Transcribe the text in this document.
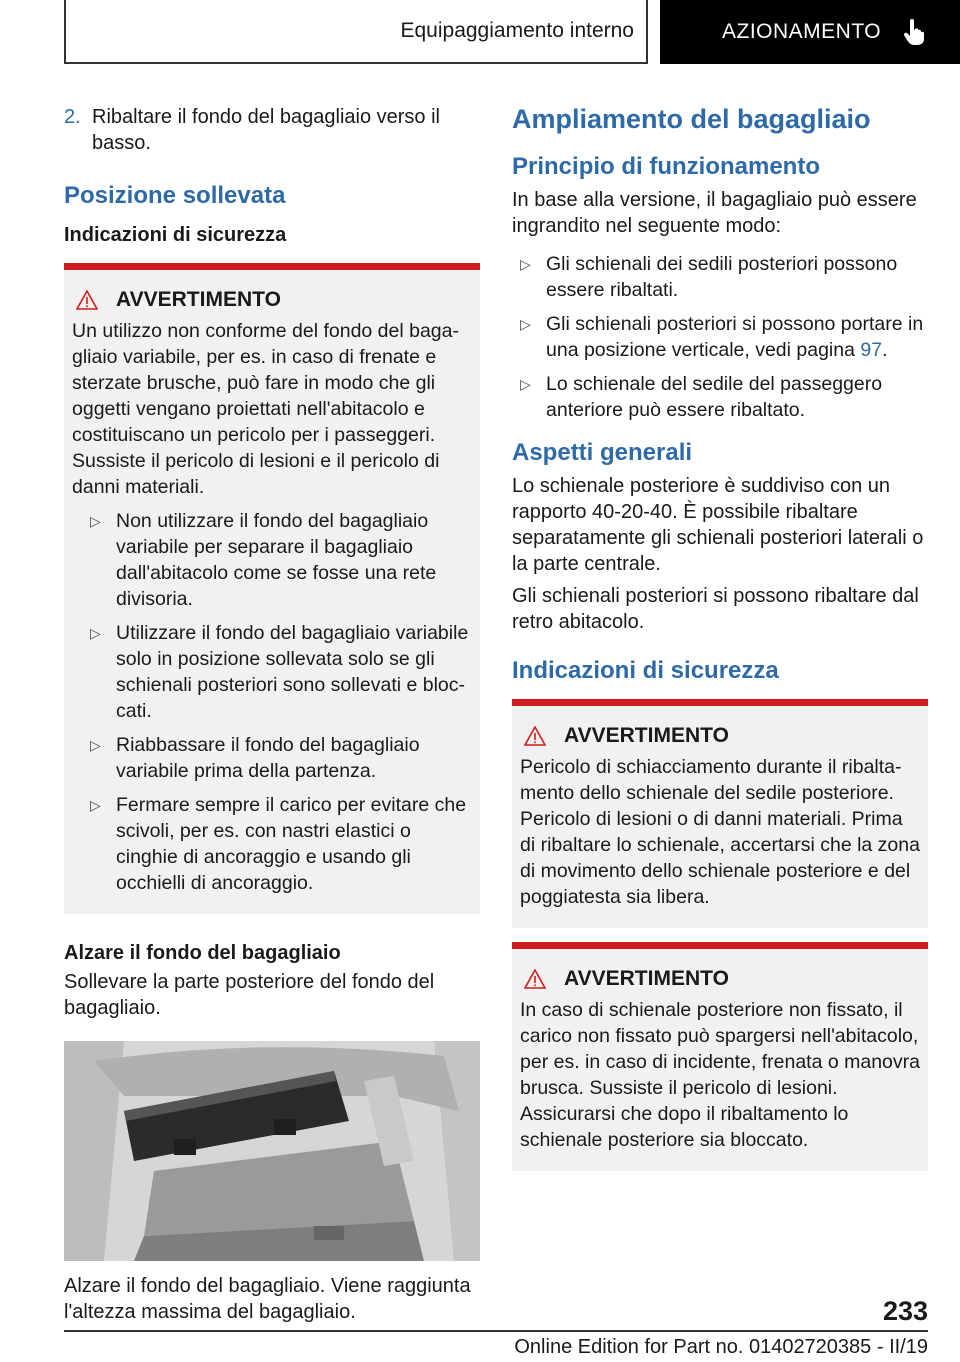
Equipaggiamento interno	AZIONAMENTO
2. Ribaltare il fondo del bagagliaio verso il basso.
Posizione sollevata
Indicazioni di sicurezza
AVVERTIMENTO

Un utilizzo non conforme del fondo del bagagliaio variabile, per es. in caso di frenate e sterzate brusche, può fare in modo che gli oggetti vengano proiettati nell'abitacolo e costituiscano un pericolo per i passeggeri. Sussiste il pericolo di lesioni e il pericolo di danni materiali.

▷ Non utilizzare il fondo del bagagliaio variabile per separare il bagagliaio dall'abitacolo come se fosse una rete divisoria.
▷ Utilizzare il fondo del bagagliaio variabile solo in posizione sollevata solo se gli schienali posteriori sono sollevati e bloccati.
▷ Riabbassare il fondo del bagagliaio variabile prima della partenza.
▷ Fermare sempre il carico per evitare che scivoli, per es. con nastri elastici o cinghie di ancoraggio e usando gli occhielli di ancoraggio.
Alzare il fondo del bagagliaio

Sollevare la parte posteriore del fondo del bagagliaio.

Alzare il fondo del bagagliaio. Viene raggiunta l'altezza massima del bagagliaio.

Ampliamento del bagagliaio
Principio di funzionamento

In base alla versione, il bagagliaio può essere ingrandito nel seguente modo:

▷ Gli schienali dei sedili posteriori possono essere ribaltati.
▷ Gli schienali posteriori si possono portare in una posizione verticale, vedi pagina 97.
▷ Lo schienale del sedile del passeggero anteriore può essere ribaltato.
Aspetti generali

Lo schienale posteriore è suddiviso con un rapporto 40-20-40. È possibile ribaltare separatamente gli schienali posteriori laterali o la parte centrale.

Gli schienali posteriori si possono ribaltare dal retro abitacolo.

Indicazioni di sicurezza
AVVERTIMENTO

Pericolo di schiacciamento durante il ribaltamento dello schienale del sedile posteriore. Pericolo di lesioni o di danni materiali. Prima di ribaltare lo schienale, accertarsi che la zona di movimento dello schienale posteriore e del poggiatesta sia libera.

AVVERTIMENTO

In caso di schienale posteriore non fissato, il carico non fissato può spargersi nell'abitacolo, per es. in caso di incidente, frenata o manovra brusca. Sussiste il pericolo di lesioni. Assicurarsi che dopo il ribaltamento lo schienale posteriore sia bloccato.

233
Online Edition for Part no. 01402720385 - II/19
